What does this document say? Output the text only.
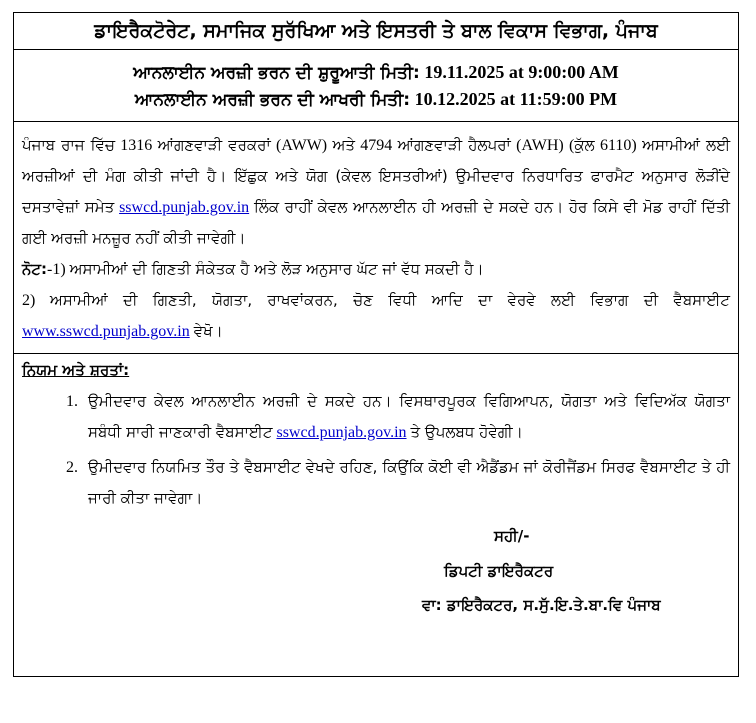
ਡਾਇਰੈਕਟੋਰੇਟ, ਸਮਾਜਿਕ ਸੁਰੱਖਿਆ ਅਤੇ ਇਸਤਰੀ ਤੇ ਬਾਲ ਵਿਕਾਸ ਵਿਭਾਗ, ਪੰਜਾਬ
ਆਨਲਾਈਨ ਅਰਜ਼ੀ ਭਰਨ ਦੀ ਸ਼ੁਰੂਆਤੀ ਮਿਤੀ: 19.11.2025 at 9:00:00 AM
ਆਨਲਾਈਨ ਅਰਜ਼ੀ ਭਰਨ ਦੀ ਆਖਰੀ ਮਿਤੀ: 10.12.2025 at 11:59:00 PM
ਪੰਜਾਬ ਰਾਜ ਵਿੱਚ 1316 ਆਂਗਣਵਾੜੀ ਵਰਕਰਾਂ (AWW) ਅਤੇ 4794 ਆਂਗਣਵਾੜੀ ਹੈਲਪਰਾਂ (AWH) (ਕੁੱਲ 6110) ਅਸਾਮੀਆਂ ਲਈ ਅਰਜ਼ੀਆਂ ਦੀ ਮੰਗ ਕੀਤੀ ਜਾਂਦੀ ਹੈ। ਇੱਛੁਕ ਅਤੇ ਯੋਗ (ਕੇਵਲ ਇਸਤਰੀਆਂ) ਉਮੀਦਵਾਰ ਨਿਰਧਾਰਿਤ ਫਾਰਮੈਟ ਅਨੁਸਾਰ ਲੋੜੀਂਦੇ ਦਸਤਾਵੇਜ਼ਾਂ ਸਮੇਤ sswcd.punjab.gov.in ਲਿੰਕ ਰਾਹੀਂ ਕੇਵਲ ਆਨਲਾਈਨ ਹੀ ਅਰਜ਼ੀ ਦੇ ਸਕਦੇ ਹਨ। ਹੋਰ ਕਿਸੇ ਵੀ ਮੋਡ ਰਾਹੀਂ ਦਿੱਤੀ ਗਈ ਅਰਜ਼ੀ ਮਨਜ਼ੂਰ ਨਹੀਂ ਕੀਤੀ ਜਾਵੇਗੀ।
ਨੋਟ:-1) ਅਸਾਮੀਆਂ ਦੀ ਗਿਣਤੀ ਸੰਕੇਤਕ ਹੈ ਅਤੇ ਲੋੜ ਅਨੁਸਾਰ ਘੱਟ ਜਾਂ ਵੱਧ ਸਕਦੀ ਹੈ।
2) ਅਸਾਮੀਆਂ ਦੀ ਗਿਣਤੀ, ਯੋਗਤਾ, ਰਾਖਵਾਂਕਰਨ, ਚੋਣ ਵਿਧੀ ਆਦਿ ਦਾ ਵੇਰਵੇ ਲਈ ਵਿਭਾਗ ਦੀ ਵੈਬਸਾਈਟ www.sswcd.punjab.gov.in ਵੇਖੋ।
ਨਿਯਮ ਅਤੇ ਸ਼ਰਤਾਂ:
1. ਉਮੀਦਵਾਰ ਕੇਵਲ ਆਨਲਾਈਨ ਅਰਜ਼ੀ ਦੇ ਸਕਦੇ ਹਨ। ਵਿਸਥਾਰਪੂਰਕ ਵਿਗਿਆਪਨ, ਯੋਗਤਾ ਅਤੇ ਵਿਦਿਅੱਕ ਯੋਗਤਾ ਸਬੰਧੀ ਸਾਰੀ ਜਾਣਕਾਰੀ ਵੈਬਸਾਈਟ sswcd.punjab.gov.in ਤੇ ਉਪਲਬਧ ਹੋਵੇਗੀ।
2. ਉਮੀਦਵਾਰ ਨਿਯਮਿਤ ਤੌਰ ਤੇ ਵੈਬਸਾਈਟ ਵੇਖਦੇ ਰਹਿਣ, ਕਿਉਂਕਿ ਕੋਈ ਵੀ ਐਡੈਂਡਮ ਜਾਂ ਕੋਰੀਜੈਂਡਮ ਸਿਰਫ ਵੈਬਸਾਈਟ ਤੇ ਹੀ ਜਾਰੀ ਕੀਤਾ ਜਾਵੇਗਾ।
ਸਹੀ/-
ਡਿਪਟੀ ਡਾਇਰੈਕਟਰ
ਵਾ: ਡਾਇਰੈਕਟਰ, ਸ.ਸੁੱ.ਇ.ਤੇ.ਬਾ.ਵਿ ਪੰਜਾਬ
